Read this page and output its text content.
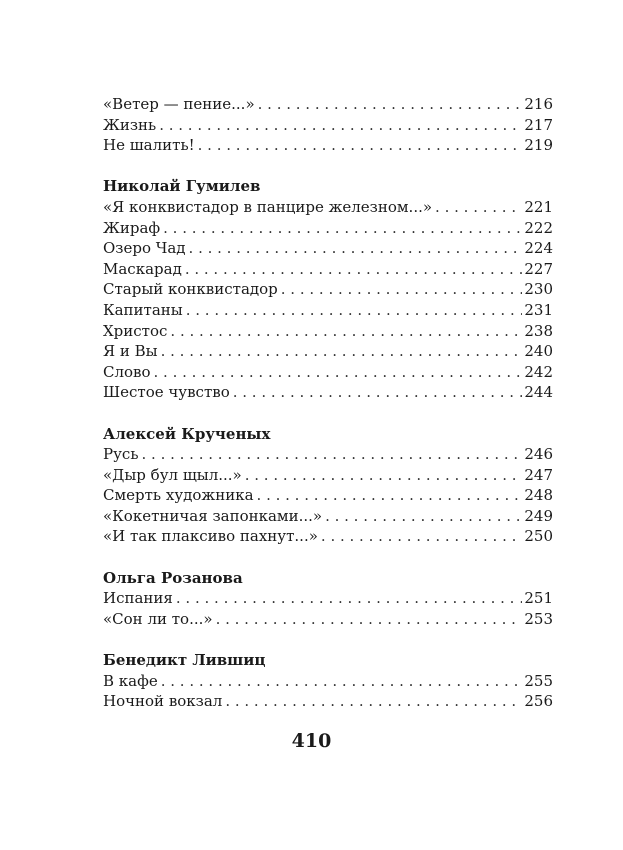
«Ветер — пение...» . . .	216
Жизнь . . .	217
Не шалить! . . .	219
Николай Гумилев
«Я конквистадор в панцире железном...» . . .	221
Жираф . . .	222
Озеро Чад . . .	224
Маскарад . . .	227
Старый конквистадор . . .	230
Капитаны . . .	231
Христос . . .	238
Я и Вы . . .	240
Слово . . .	242
Шестое чувство . . .	244
Алексей Крученых
Русь . . .	246
«Дыр бул щыл...» . . .	247
Смерть художника . . .	248
«Кокетничая запонками...» . . .	249
«И так плаксиво пахнут...» . . .	250
Ольга Розанова
Испания . . .	251
«Сон ли то...» . . .	253
Бенедикт Лившиц
В кафе . . .	255
Ночной вокзал . . .	256
410
